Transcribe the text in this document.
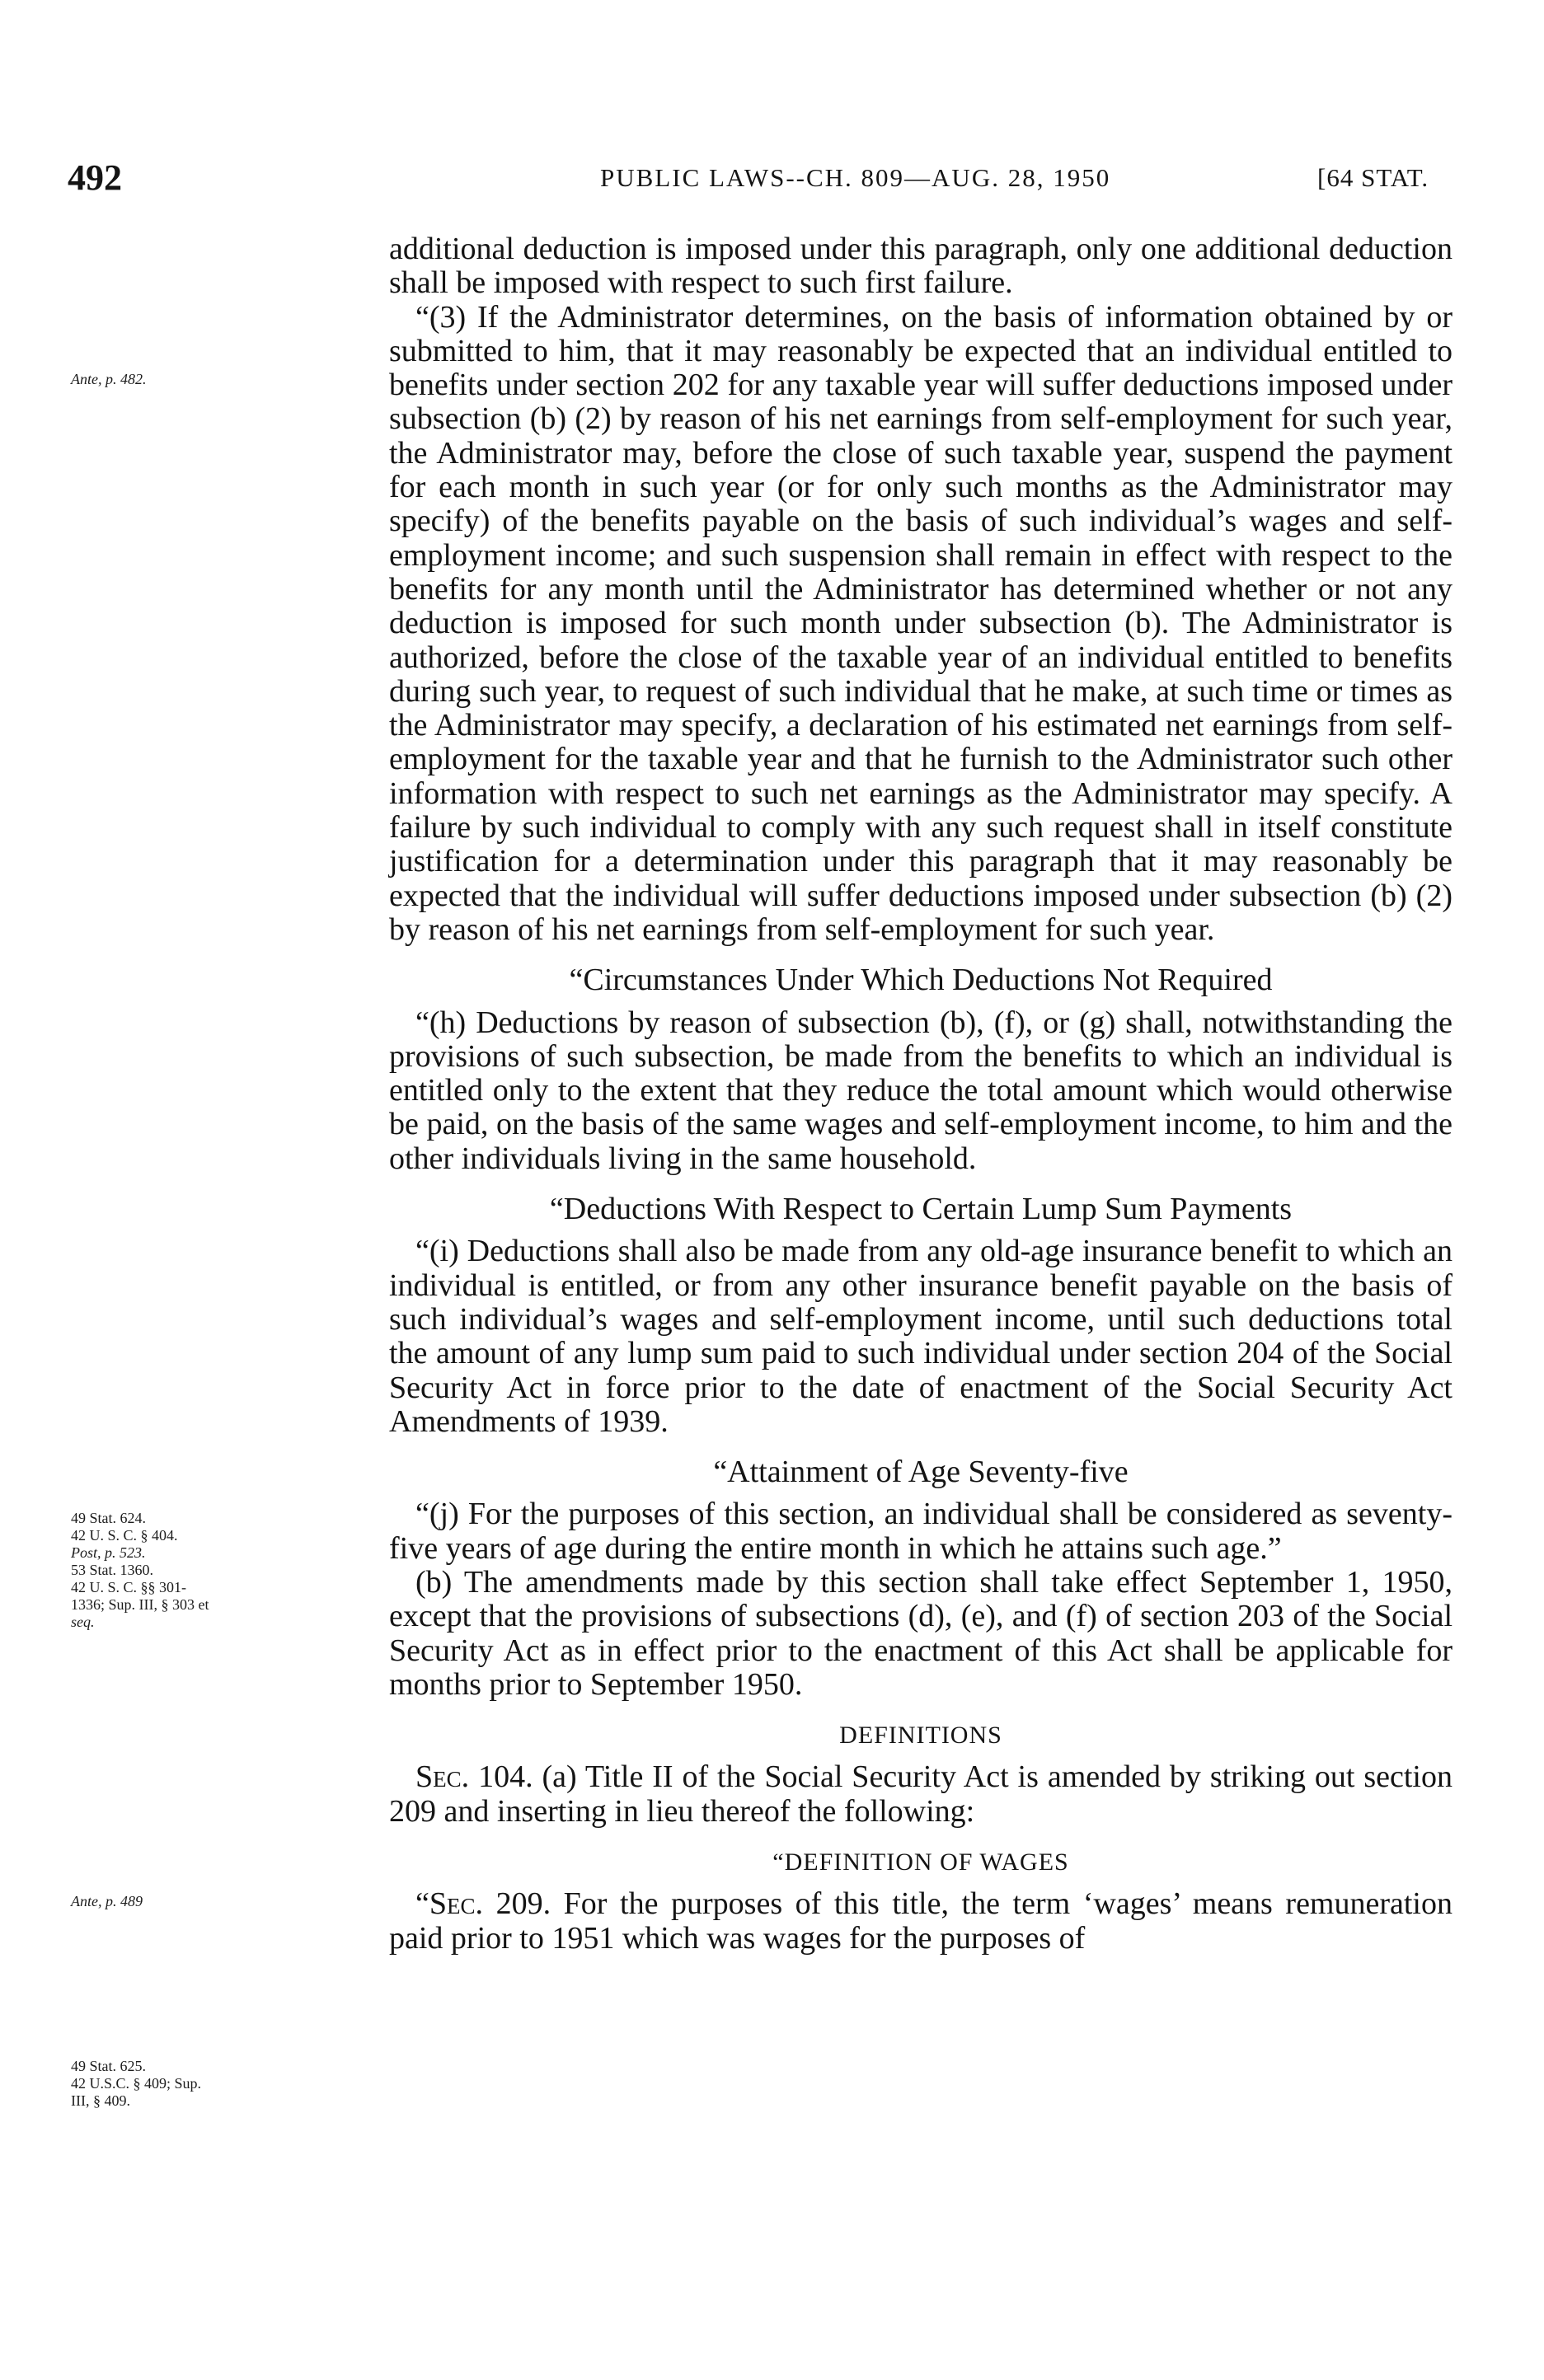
492	PUBLIC LAWS--CH. 809—AUG. 28, 1950	[64 STAT.
Ante, p. 482.
49 Stat. 624.
42 U. S. C. § 404.
Post, p. 523.
53 Stat. 1360.
42 U. S. C. §§ 301-
1336; Sup. III, § 303 et
seq.
Ante, p. 489
49 Stat. 625.
42 U.S.C. § 409; Sup.
III, § 409.

additional deduction is imposed under this paragraph, only one additional deduction shall be imposed with respect to such first failure.

“(3) If the Administrator determines, on the basis of information obtained by or submitted to him, that it may reasonably be expected that an individual entitled to benefits under section 202 for any taxable year will suffer deductions imposed under subsection (b) (2) by reason of his net earnings from self-employment for such year, the Administrator may, before the close of such taxable year, suspend the payment for each month in such year (or for only such months as the Administrator may specify) of the benefits payable on the basis of such individual’s wages and self-employment income; and such suspension shall remain in effect with respect to the benefits for any month until the Administrator has determined whether or not any deduction is imposed for such month under subsection (b). The Administrator is authorized, before the close of the taxable year of an individual entitled to benefits during such year, to request of such individual that he make, at such time or times as the Administrator may specify, a declaration of his estimated net earnings from self-employment for the taxable year and that he furnish to the Administrator such other information with respect to such net earnings as the Administrator may specify. A failure by such individual to comply with any such request shall in itself constitute justification for a determination under this paragraph that it may reasonably be expected that the individual will suffer deductions imposed under subsection (b) (2) by reason of his net earnings from self-employment for such year.

“Circumstances Under Which Deductions Not Required

“(h) Deductions by reason of subsection (b), (f), or (g) shall, notwithstanding the provisions of such subsection, be made from the benefits to which an individual is entitled only to the extent that they reduce the total amount which would otherwise be paid, on the basis of the same wages and self-employment income, to him and the other individuals living in the same household.

“Deductions With Respect to Certain Lump Sum Payments

“(i) Deductions shall also be made from any old-age insurance benefit to which an individual is entitled, or from any other insurance benefit payable on the basis of such individual’s wages and self-employment income, until such deductions total the amount of any lump sum paid to such individual under section 204 of the Social Security Act in force prior to the date of enactment of the Social Security Act Amendments of 1939.

“Attainment of Age Seventy-five

“(j) For the purposes of this section, an individual shall be considered as seventy-five years of age during the entire month in which he attains such age.”

(b) The amendments made by this section shall take effect September 1, 1950, except that the provisions of subsections (d), (e), and (f) of section 203 of the Social Security Act as in effect prior to the enactment of this Act shall be applicable for months prior to September 1950.

DEFINITIONS

Sec. 104. (a) Title II of the Social Security Act is amended by striking out section 209 and inserting in lieu thereof the following:

“DEFINITION OF WAGES

“Sec. 209. For the purposes of this title, the term ‘wages’ means remuneration paid prior to 1951 which was wages for the purposes of
